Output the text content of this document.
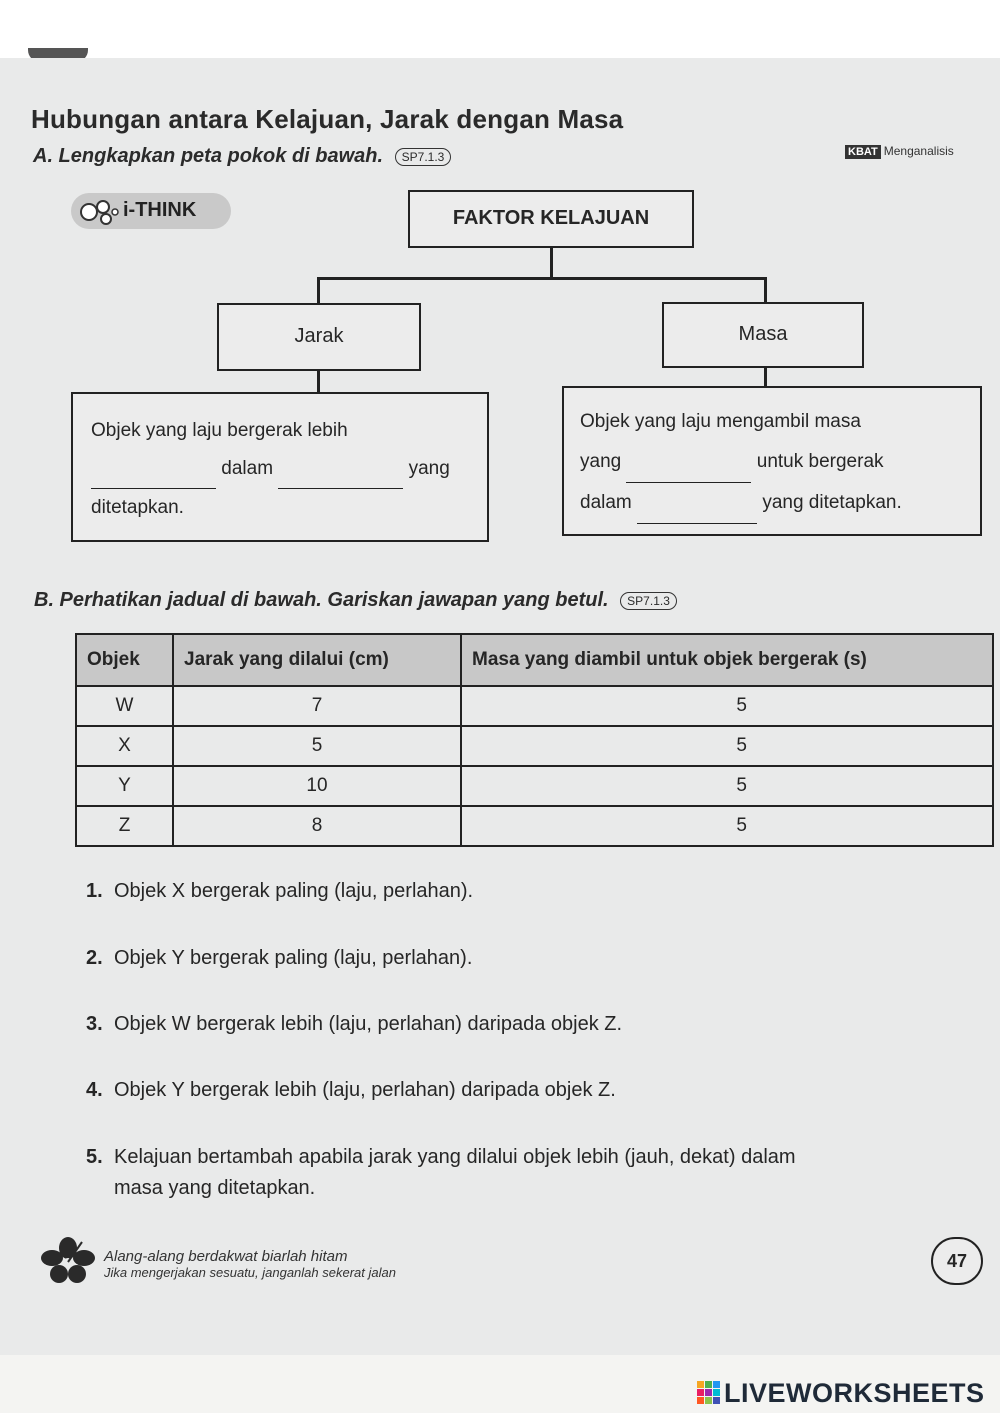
Hubungan antara Kelajuan, Jarak dengan Masa
A. Lengkapkan peta pokok di bawah. SP7.1.3	KBAT Menganalisis
i-THINK	FAKTOR KELAJUAN
Jarak	Masa
Objek yang laju bergerak lebih
dalam	yang
ditetapkan.
Objek yang laju mengambil masa
yang	untuk bergerak
dalam	yang ditetapkan.
B. Perhatikan jadual di bawah. Gariskan jawapan yang betul. SP7.1.3
Objek	Jarak yang dilalui (cm)	Masa yang diambil untuk objek bergerak (s)
W	7	5
X	5	5
Y	10	5
Z	8	5
1. Objek X bergerak paling (laju, perlahan).
2. Objek Y bergerak paling (laju, perlahan).
3. Objek W bergerak lebih (laju, perlahan) daripada objek Z.
4. Objek Y bergerak lebih (laju, perlahan) daripada objek Z.
5. Kelajuan bertambah apabila jarak yang dilalui objek lebih (jauh, dekat) dalam
masa yang ditetapkan.
Alang-alang berdakwat biarlah hitam
Jika mengerjakan sesuatu, janganlah sekerat jalan
47
LIVEWORKSHEETS
